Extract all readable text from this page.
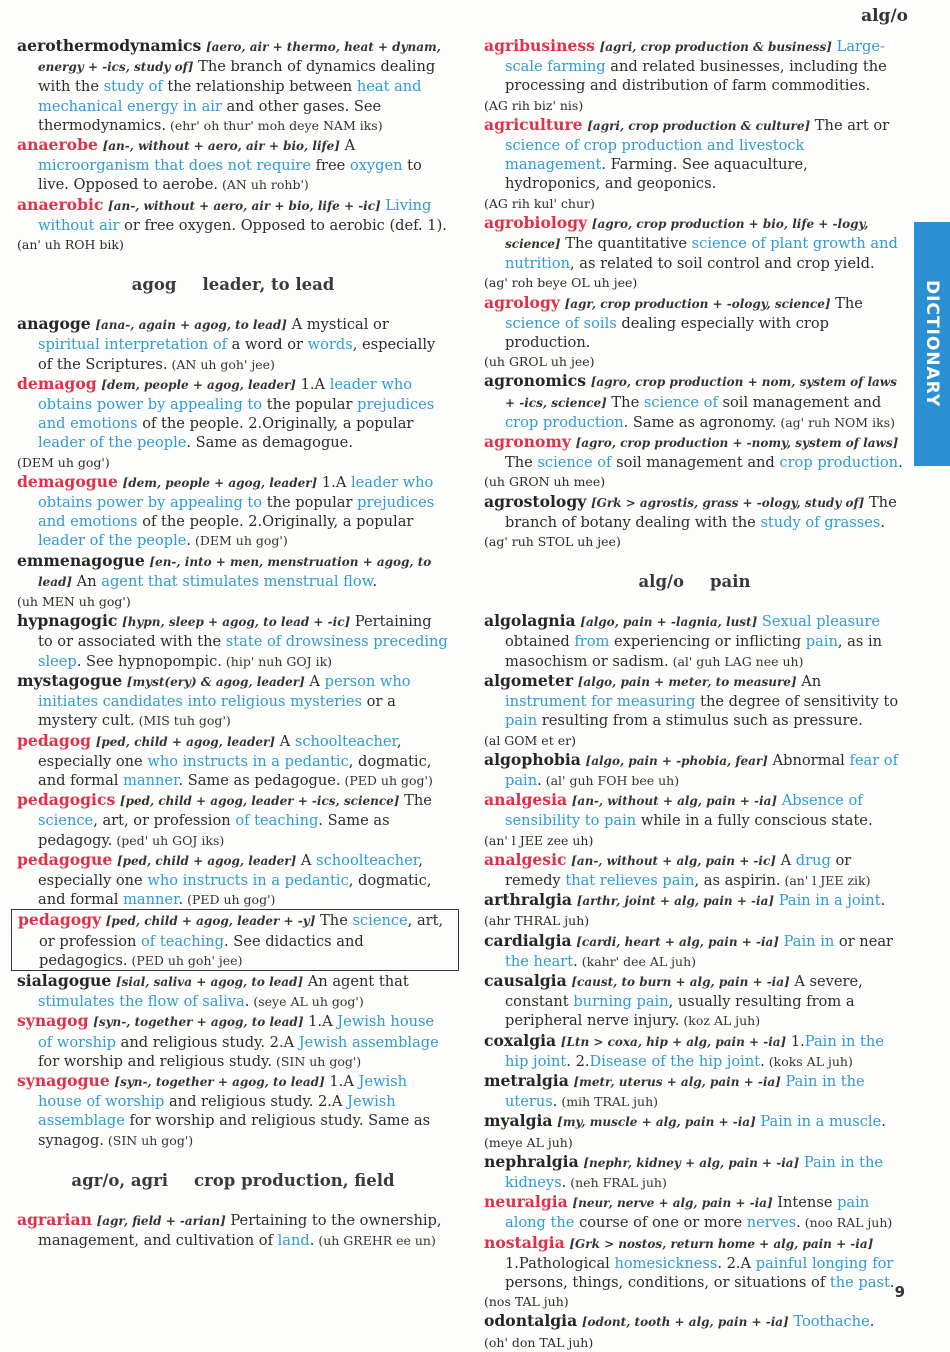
alg/o

aerothermodynamics [aero, air + thermo, heat + dynam, energy + -ics, study of] The branch of dynamics dealing with the study of the relationship between heat and mechanical energy in air and other gases. See thermodynamics. (ehr' oh thur' moh deye NAM iks)

anaerobe [an-, without + aero, air + bio, life] A microorganism that does not require free oxygen to live. Opposed to aerobe. (AN uh rohb')

anaerobic [an-, without + aero, air + bio, life + -ic] Living without air or free oxygen. Opposed to aerobic (def. 1).
(an' uh ROH bik)

agog leader, to lead

anagoge [ana-, again + agog, to lead] A mystical or spiritual interpretation of a word or words, especially of the Scriptures. (AN uh goh' jee)

demagog [dem, people + agog, leader] 1.A leader who obtains power by appealing to the popular prejudices and emotions of the people. 2.Originally, a popular leader of the people. Same as demagogue.
(DEM uh gog')

demagogue [dem, people + agog, leader] 1.A leader who obtains power by appealing to the popular prejudices and emotions of the people. 2.Originally, a popular leader of the people. (DEM uh gog')

emmenagogue [en-, into + men, menstruation + agog, to lead] An agent that stimulates menstrual flow.
(uh MEN uh gog')

hypnagogic [hypn, sleep + agog, to lead + -ic] Pertaining to or associated with the state of drowsiness preceding sleep. See hypnopompic. (hip' nuh GOJ ik)

mystagogue [myst(ery) & agog, leader] A person who initiates candidates into religious mysteries or a mystery cult. (MIS tuh gog')

pedagog [ped, child + agog, leader] A schoolteacher, especially one who instructs in a pedantic, dogmatic, and formal manner. Same as pedagogue. (PED uh gog')

pedagogics [ped, child + agog, leader + -ics, science] The science, art, or profession of teaching. Same as pedagogy. (ped' uh GOJ iks)

pedagogue [ped, child + agog, leader] A schoolteacher, especially one who instructs in a pedantic, dogmatic, and formal manner. (PED uh gog')

pedagogy [ped, child + agog, leader + -y] The science, art, or profession of teaching. See didactics and pedagogics. (PED uh goh' jee)

sialagogue [sial, saliva + agog, to lead] An agent that stimulates the flow of saliva. (seye AL uh gog')

synagog [syn-, together + agog, to lead] 1.A Jewish house of worship and religious study. 2.A Jewish assemblage for worship and religious study. (SIN uh gog')

synagogue [syn-, together + agog, to lead] 1.A Jewish house of worship and religious study. 2.A Jewish assemblage for worship and religious study. Same as synagog. (SIN uh gog')

agr/o, agri crop production, field

agrarian [agr, field + -arian] Pertaining to the ownership, management, and cultivation of land. (uh GREHR ee un)

agribusiness [agri, crop production & business] Large-scale farming and related businesses, including the processing and distribution of farm commodities.
(AG rih biz' nis)

agriculture [agri, crop production & culture] The art or science of crop production and livestock management. Farming. See aquaculture, hydroponics, and geoponics.
(AG rih kul' chur)

agrobiology [agro, crop production + bio, life + -logy, science] The quantitative science of plant growth and nutrition, as related to soil control and crop yield.
(ag' roh beye OL uh jee)

agrology [agr, crop production + -ology, science] The science of soils dealing especially with crop production.
(uh GROL uh jee)

agronomics [agro, crop production + nom, system of laws + -ics, science] The science of soil management and crop production. Same as agronomy. (ag' ruh NOM iks)

agronomy [agro, crop production + -nomy, system of laws] The science of soil management and crop production.
(uh GRON uh mee)

agrostology [Grk > agrostis, grass + -ology, study of] The branch of botany dealing with the study of grasses.
(ag' ruh STOL uh jee)

alg/o pain

algolagnia [algo, pain + -lagnia, lust] Sexual pleasure obtained from experiencing or inflicting pain, as in masochism or sadism. (al' guh LAG nee uh)

algometer [algo, pain + meter, to measure] An instrument for measuring the degree of sensitivity to pain resulting from a stimulus such as pressure.
(al GOM et er)

algophobia [algo, pain + -phobia, fear] Abnormal fear of pain. (al' guh FOH bee uh)

analgesia [an-, without + alg, pain + -ia] Absence of sensibility to pain while in a fully conscious state.
(an' l JEE zee uh)

analgesic [an-, without + alg, pain + -ic] A drug or remedy that relieves pain, as aspirin. (an' l JEE zik)

arthralgia [arthr, joint + alg, pain + -ia] Pain in a joint.
(ahr THRAL juh)

cardialgia [cardi, heart + alg, pain + -ia] Pain in or near the heart. (kahr' dee AL juh)

causalgia [caust, to burn + alg, pain + -ia] A severe, constant burning pain, usually resulting from a peripheral nerve injury. (koz AL juh)

coxalgia [Ltn > coxa, hip + alg, pain + -ia] 1.Pain in the hip joint. 2.Disease of the hip joint. (koks AL juh)

metralgia [metr, uterus + alg, pain + -ia] Pain in the uterus. (mih TRAL juh)

myalgia [my, muscle + alg, pain + -ia] Pain in a muscle.
(meye AL juh)

nephralgia [nephr, kidney + alg, pain + -ia] Pain in the kidneys. (neh FRAL juh)

neuralgia [neur, nerve + alg, pain + -ia] Intense pain along the course of one or more nerves. (noo RAL juh)

nostalgia [Grk > nostos, return home + alg, pain + -ia] 1.Pathological homesickness. 2.A painful longing for persons, things, conditions, or situations of the past.
(nos TAL juh)

odontalgia [odont, tooth + alg, pain + -ia] Toothache.
(oh' don TAL juh)

DICTIONARY
9
